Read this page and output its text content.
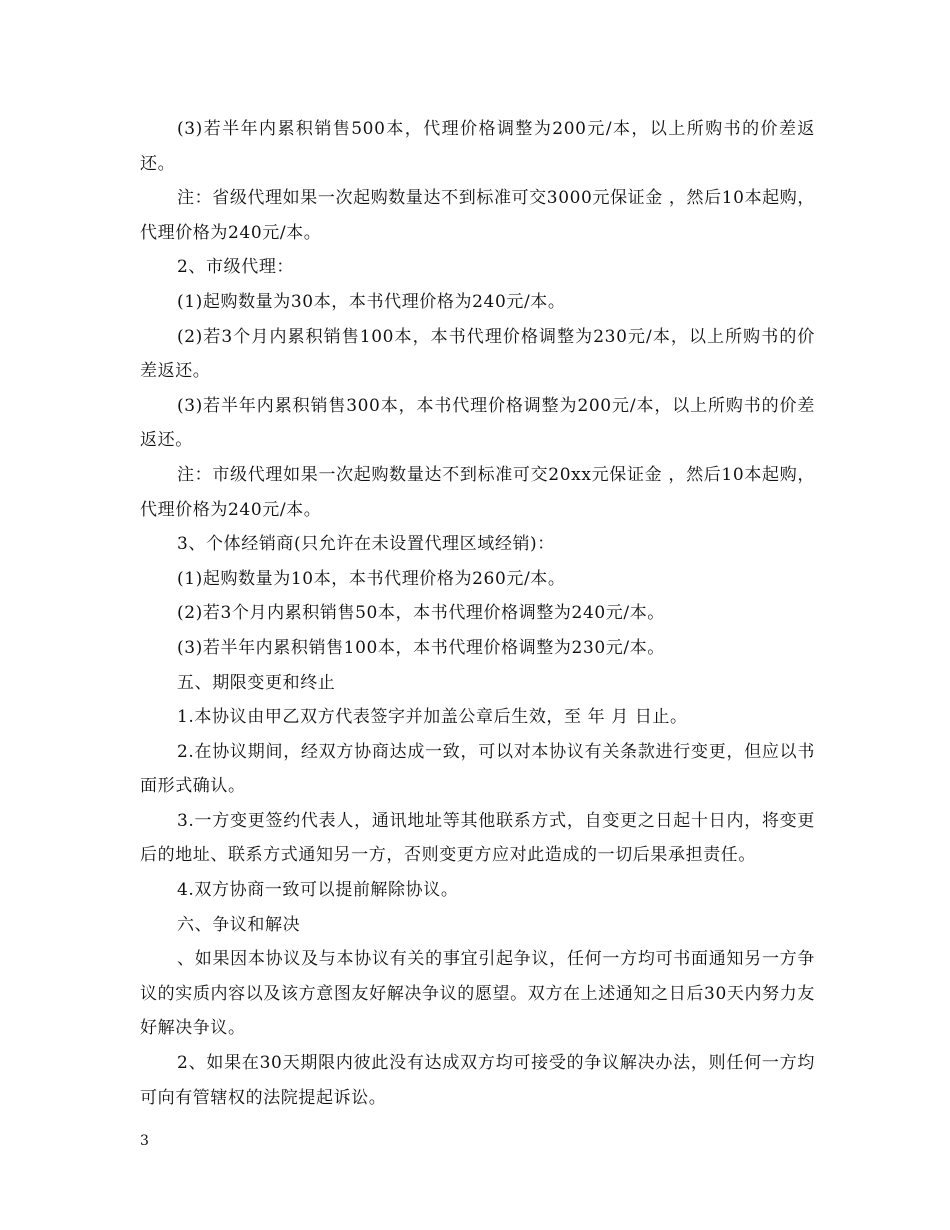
(3)若半年内累积销售500本，代理价格调整为200元/本，以上所购书的价差返还。

注：省级代理如果一次起购数量达不到标准可交3000元保证金 ，然后10本起购，代理价格为240元/本。

2、市级代理：

(1)起购数量为30本，本书代理价格为240元/本。

(2)若3个月内累积销售100本，本书代理价格调整为230元/本，以上所购书的价差返还。

(3)若半年内累积销售300本，本书代理价格调整为200元/本，以上所购书的价差返还。

注：市级代理如果一次起购数量达不到标准可交20xx元保证金 ，然后10本起购，代理价格为240元/本。

3、个体经销商(只允许在未设置代理区域经销)：

(1)起购数量为10本，本书代理价格为260元/本。

(2)若3个月内累积销售50本，本书代理价格调整为240元/本。

(3)若半年内累积销售100本，本书代理价格调整为230元/本。

五、期限变更和终止

1.本协议由甲乙双方代表签字并加盖公章后生效，至 年 月 日止。

2.在协议期间，经双方协商达成一致，可以对本协议有关条款进行变更，但应以书面形式确认。

3.一方变更签约代表人，通讯地址等其他联系方式，自变更之日起十日内，将变更后的地址、联系方式通知另一方，否则变更方应对此造成的一切后果承担责任。

4.双方协商一致可以提前解除协议。

六、争议和解决

、如果因本协议及与本协议有关的事宜引起争议，任何一方均可书面通知另一方争议的实质内容以及该方意图友好解决争议的愿望。双方在上述通知之日后30天内努力友好解决争议。

2、如果在30天期限内彼此没有达成双方均可接受的争议解决办法，则任何一方均可向有管辖权的法院提起诉讼。

3
